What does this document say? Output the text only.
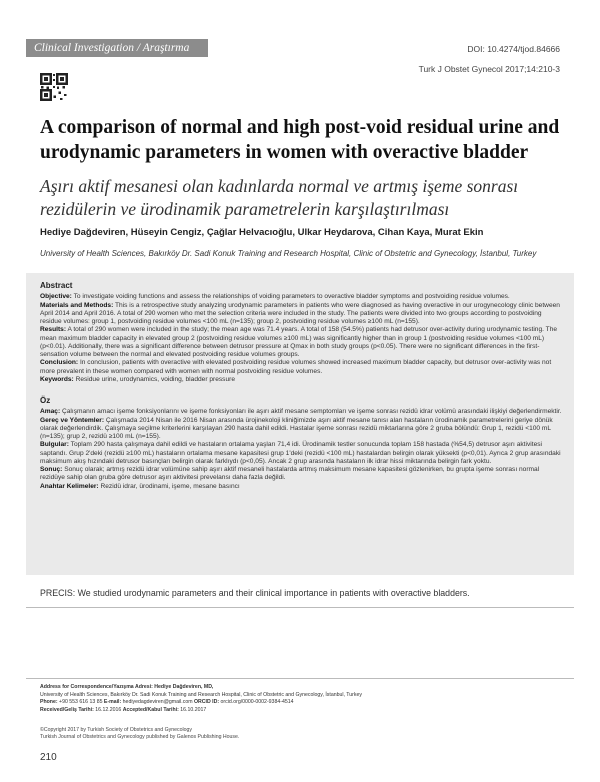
Clinical Investigation / Araştırma	DOI: 10.4274/tjod.84666
Turk J Obstet Gynecol 2017;14:210-3
A comparison of normal and high post-void residual urine and urodynamic parameters in women with overactive bladder
Aşırı aktif mesanesi olan kadınlarda normal ve artmış işeme sonrası rezidülerin ve ürodinamik parametrelerin karşılaştırılması
Hediye Dağdeviren, Hüseyin Cengiz, Çağlar Helvacıoğlu, Ulkar Heydarova, Cihan Kaya, Murat Ekin
University of Health Sciences, Bakırköy Dr. Sadi Konuk Training and Research Hospital, Clinic of Obstetric and Gynecology, İstanbul, Turkey
Abstract

Objective: To investigate voiding functions and assess the relationships of voiding parameters to overactive bladder symptoms and postvoiding residue volumes.

Materials and Methods: This is a retrospective study analyzing urodynamic parameters in patients who were diagnosed as having overactive in our urogynecology clinic between April 2014 and April 2016. A total of 290 women who met the selection criteria were included in the study. The patients were divided into two groups according to postvoiding residue volumes: group 1, postvoiding residue volumes <100 mL (n=135); group 2, postvoiding residue volumes ≥100 mL (n=155).

Results: A total of 290 women were included in the study; the mean age was 71.4 years. A total of 158 (54.5%) patients had detrusor over-activity during urodynamic testing. The mean maximum bladder capacity in elevated group 2 (postvoiding residue volumes ≥100 mL) was significantly higher than in group 1 (postvoiding residue volumes <100 mL) (p<0.01). Additionally, there was a significant difference between detrusor pressure at Qmax in both study groups (p<0.05). There were no significant differences in the first-sensation volume between the normal and elevated postvoiding residue volumes groups.

Conclusion: In conclusion, patients with overactive with elevated postvoiding residue volumes showed increased maximum bladder capacity, but detrusor over-activity was not more prevalent in these women compared with women with normal postvoiding residue volumes.

Keywords: Residue urine, urodynamics, voiding, bladder pressure

Öz

Amaç: Çalışmanın amacı işeme fonksiyonlarını ve işeme fonksiyonları ile aşırı aktif mesane semptomları ve işeme sonrası rezidü idrar volümü arasındaki ilişkiyi değerlendirmektir.

Gereç ve Yöntemler: Çalışmada 2014 Nisan ile 2016 Nisan arasında ürojinekoloji kliniğimizde aşırı aktif mesane tanısı alan hastaların ürodinamik parametrelerini geriye dönük olarak değerlendirdik. Çalışmaya seçilme kriterlerini karşılayan 290 hasta dahil edildi. Hastalar işeme sonrası rezidü miktarlarına göre 2 gruba bölündü: Grup 1, rezidü <100 mL (n=135); grup 2, rezidü ≥100 mL (n=155).

Bulgular: Toplam 290 hasta çalışmaya dahil edildi ve hastaların ortalama yaşları 71,4 idi. Ürodinamik testler sonucunda toplam 158 hastada (%54,5) detrusor aşırı aktivitesi saptandı. Grup 2'deki (rezidü ≥100 mL) hastaların ortalama mesane kapasitesi grup 1'deki (rezidü <100 mL) hastalardan belirgin olarak yüksekti (p<0,01). Ayrıca 2 grup arasındaki maksimum akış hızındaki detrusor basınçları belirgin olarak farklıydı (p<0,05). Ancak 2 grup arasında hastaların ilk idrar hissi miktarında belirgin fark yoktu.

Sonuç: Sonuç olarak; artmış rezidü idrar volümüne sahip aşırı aktif mesaneli hastalarda artmış maksimum mesane kapasitesi gözlenirken, bu grupta işeme sonrası normal rezidüye sahip olan gruba göre detrusor aşırı aktivitesi prevelansı daha fazla değildi.

Anahtar Kelimeler: Rezidü idrar, ürodinami, işeme, mesane basıncı

PRECIS: We studied urodynamic parameters and their clinical importance in patients with overactive bladders.

Address for Correspondence/Yazışma Adresi: Hediye Dağdeviren, MD,

University of Health Sciences, Bakırköy Dr. Sadi Konuk Training and Research Hospital, Clinic of Obstetric and Gynecology, İstanbul, Turkey

Phone: +90 553 616 13 85 E-mail: hediyedagdeviren@gmail.com ORCID ID: orcid.org/0000-0002-9384-4514

Received/Geliş Tarihi: 16.12.2016 Accepted/Kabul Tarihi: 16.10.2017

©Copyright 2017 by Turkish Society of Obstetrics and Gynecology
Turkish Journal of Obstetrics and Gynecology published by Galenos Publishing House.
210
